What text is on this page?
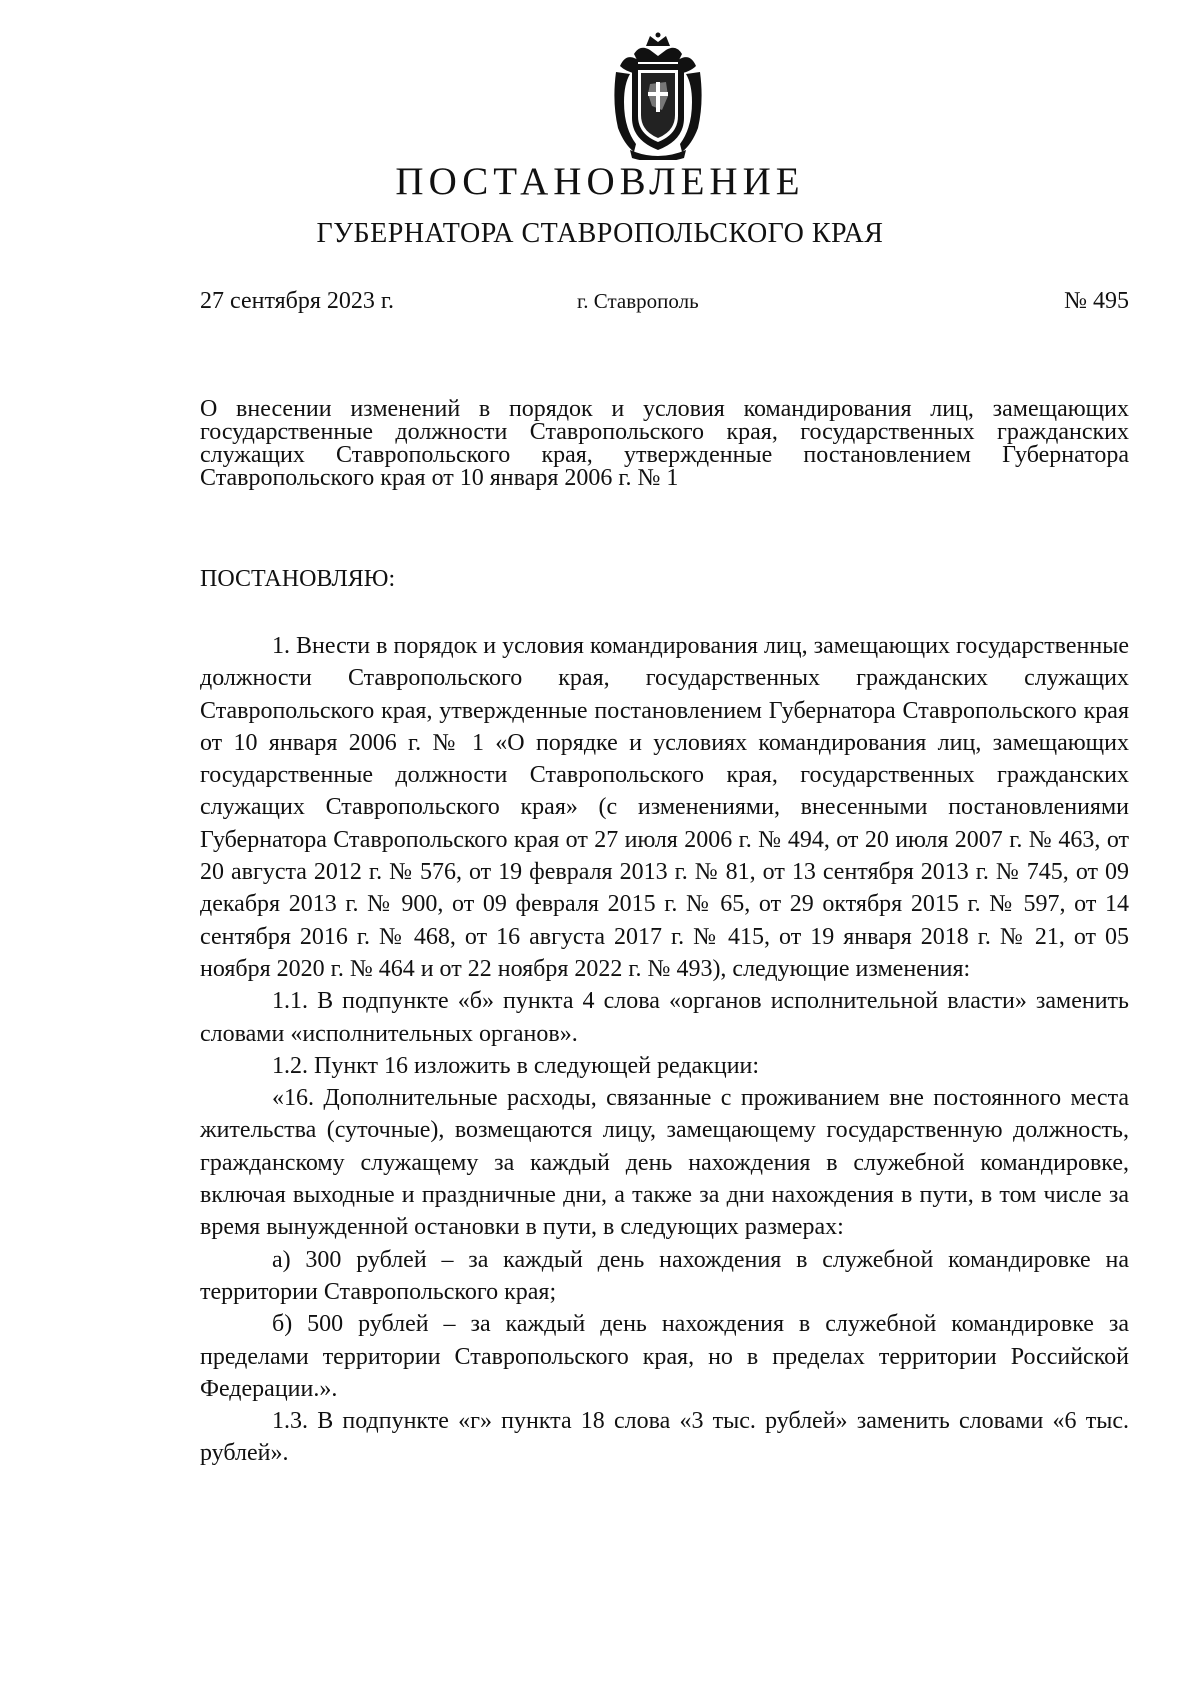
ПОСТАНОВЛЕНИЕ
ГУБЕРНАТОРА СТАВРОПОЛЬСКОГО КРАЯ
27 сентября 2023 г.	г. Ставрополь	№ 495
О внесении изменений в порядок и условия командирования лиц, замещающих государственные должности Ставропольского края, государственных гражданских служащих Ставропольского края, утвержденные постановлением Губернатора Ставропольского края от 10 января 2006 г. № 1
ПОСТАНОВЛЯЮ:

1. Внести в порядок и условия командирования лиц, замещающих государственные должности Ставропольского края, государственных гражданских служащих Ставропольского края, утвержденные постановлением Губернатора Ставропольского края от 10 января 2006 г. № 1 «О порядке и условиях командирования лиц, замещающих государственные должности Ставропольского края, государственных гражданских служащих Ставропольского края» (с изменениями, внесенными постановлениями Губернатора Ставропольского края от 27 июля 2006 г. № 494, от 20 июля 2007 г. № 463, от 20 августа 2012 г. № 576, от 19 февраля 2013 г. № 81, от 13 сентября 2013 г. № 745, от 09 декабря 2013 г. № 900, от 09 февраля 2015 г. № 65, от 29 октября 2015 г. № 597, от 14 сентября 2016 г. № 468, от 16 августа 2017 г. № 415, от 19 января 2018 г. № 21, от 05 ноября 2020 г. № 464 и от 22 ноября 2022 г. № 493), следующие изменения:

1.1. В подпункте «б» пункта 4 слова «органов исполнительной власти» заменить словами «исполнительных органов».

1.2. Пункт 16 изложить в следующей редакции:

«16. Дополнительные расходы, связанные с проживанием вне постоянного места жительства (суточные), возмещаются лицу, замещающему государственную должность, гражданскому служащему за каждый день нахождения в служебной командировке, включая выходные и праздничные дни, а также за дни нахождения в пути, в том числе за время вынужденной остановки в пути, в следующих размерах:

а) 300 рублей – за каждый день нахождения в служебной командировке на территории Ставропольского края;

б) 500 рублей – за каждый день нахождения в служебной командировке за пределами территории Ставропольского края, но в пределах территории Российской Федерации.».

1.3. В подпункте «г» пункта 18 слова «3 тыс. рублей» заменить словами «6 тыс. рублей».
